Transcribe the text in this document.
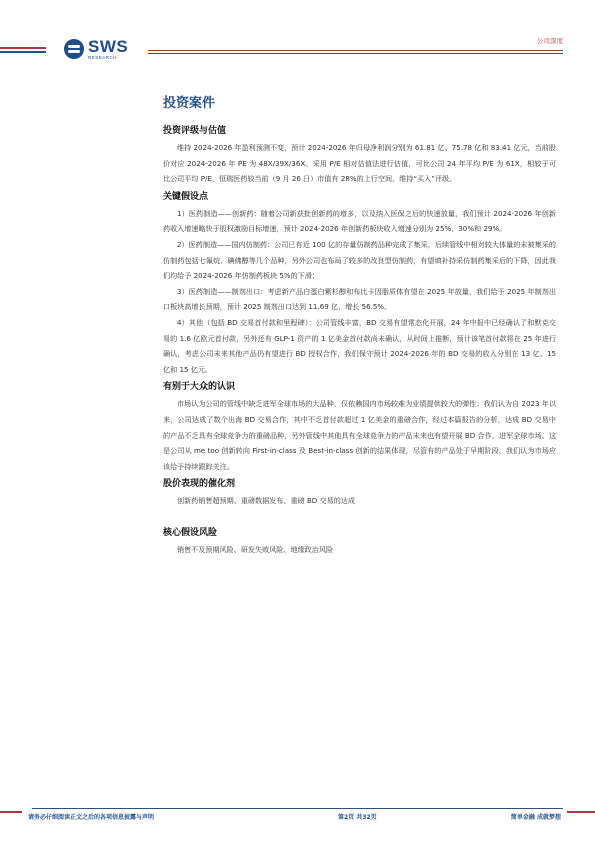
SWS
RESEARCH
公司深度
投资案件
投资评级与估值

维持 2024-2026 年盈利预测不变，预计 2024-2026 年归母净利润分别为 61.81 亿、75.78 亿和 83.41 亿元，当前股价对应 2024-2026 年 PE 为 48X/39X/36X。采用 P/E 相对估值法进行估值，可比公司 24 年平均 P/E 为 61X，相较于可比公司平均 P/E，恒瑞医药较当前（9 月 26 日）市值有 28%的上行空间，维持“买入”评级。

关键假设点

1）医药制造——创新药：随着公司新获批创新药的增多，以及纳入医保之后的快速放量，我们预计 2024-2026 年创新药收入增速略快于股权激励目标增速，预计 2024-2026 年创新药板块收入增速分别为 25%、30%和 29%。

2）医药制造——国内仿制药：公司已有近 100 亿的存量仿制药品种完成了集采，后续管线中相对较大体量的未被集采的仿制药包括七氟烷、碘佛醇等几个品种，另外公司也布局了较多的改良型仿制药，有望填补持采仿制药集采后的下降，因此我们均给予 2024-2026 年仿制药板块 5%的下滑；

3）医药制造——制剂出口：考虑新产品白蛋白紫杉醇和布比卡因脂质体有望在 2025 年放量，我们给予 2025 年制剂出口板块高增长预期，预计 2025 制剂出口达到 11.69 亿，增长 56.5%。

4）其他（包括 BD 交易首付款和里程碑）：公司管线丰富，BD 交易有望常态化开展，24 年中报中已经确认了和默克交易的 1.6 亿欧元首付款，另外还有 GLP-1 资产的 1 亿美金首付款尚未确认，从时间上推断，预计该笔首付款将在 25 年进行确认，考虑公司未来其他产品仍有望进行 BD 授权合作，我们保守预计 2024-2026 年的 BD 交易的收入分别在 13 亿、15 亿和 15 亿元。

有别于大众的认识

市场认为公司的管线中缺乏进军全球市场的大品种，仅依赖国内市场较难为业绩提供较大的弹性；我们认为自 2023 年以来，公司达成了数个出海 BD 交易合作，其中不乏首付款超过 1 亿美金的重磅合作，经过本篇报告的分析，达成 BD 交易中的产品不乏具有全球竞争力的重磅品种，另外管线中其他具有全球竞争力的产品未来也有望开展 BD 合作，进军全球市场。这是公司从 me too 创新转向 First-in-class 及 Best-in-class 创新的结果体现，尽管有的产品处于早期阶段，我们认为市场应该给予持续跟踪关注。

股价表现的催化剂

创新药销售超预期、重磅数据发布、重磅 BD 交易的达成

核心假设风险

销售不及预期风险、研发失败风险、地缘政治风险

请务必仔细阅读正文之后的各项信息披露与声明	第2页 共32页	简单金融 成就梦想
